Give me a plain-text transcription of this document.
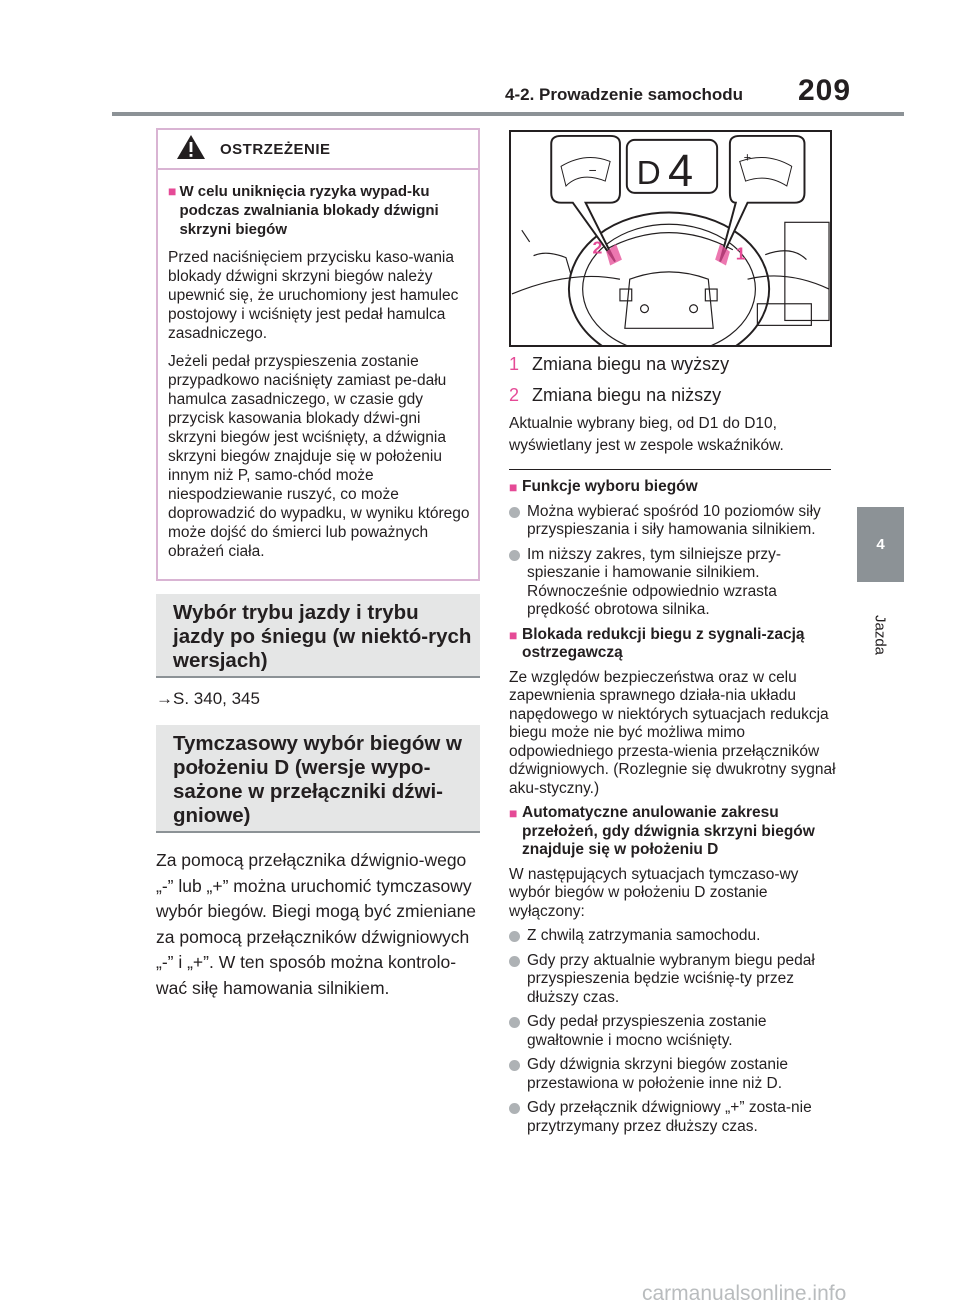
4-2. Prowadzenie samochodu 209
4
Jazda
OSTRZEŻENIE
■ W celu uniknięcia ryzyka wypad-ku podczas zwalniania blokady dźwigni skrzyni biegów

Przed naciśnięciem przycisku kaso-wania blokady dźwigni skrzyni biegów należy upewnić się, że uruchomiony jest hamulec postojowy i wciśnięty jest pedał hamulca zasadniczego.

Jeżeli pedał przyspieszenia zostanie przypadkowo naciśnięty zamiast pe-dału hamulca zasadniczego, w czasie gdy przycisk kasowania blokady dźwi-gni skrzyni biegów jest wciśnięty, a dźwignia skrzyni biegów znajduje się w położeniu innym niż P, samo-chód może niespodziewanie ruszyć, co może doprowadzić do wypadku, w wyniku którego może dojść do śmierci lub poważnych obrażeń ciała.

Wybór trybu jazdy i trybu jazdy po śniegu (w niektó-rych wersjach)
→S. 340, 345
Tymczasowy wybór biegów w położeniu D (wersje wypo-sażone w przełączniki dźwi-gniowe)

Za pomocą przełącznika dźwignio-wego „-” lub „+” można uruchomić tymczasowy wybór biegów. Biegi mogą być zmieniane za pomocą przełączników dźwigniowych „-” i „+”. W ten sposób można kontrolo-wać siłę hamowania silnikiem.

D 4
−
+
2	1
1 Zmiana biegu na wyższy
2 Zmiana biegu na niższy

Aktualnie wybrany bieg, od D1 do D10, wyświetlany jest w zespole wskaźników.

■ Funkcje wyboru biegów
Można wybierać spośród 10 poziomów siły przyspieszania i siły hamowania silnikiem.
Im niższy zakres, tym silniejsze przy-spieszanie i hamowanie silnikiem. Równocześnie odpowiednio wzrasta prędkość obrotowa silnika.
■ Blokada redukcji biegu z sygnali-zacją ostrzegawczą

Ze względów bezpieczeństwa oraz w celu zapewnienia sprawnego działa-nia układu napędowego w niektórych sytuacjach redukcja biegu może nie być możliwa mimo odpowiedniego przesta-wienia przełączników dźwigniowych. (Rozlegnie się dwukrotny sygnał aku-styczny.)

■ Automatyczne anulowanie zakresu przełożeń, gdy dźwignia skrzyni biegów znajduje się w położeniu D

W następujących sytuacjach tymczaso-wy wybór biegów w położeniu D zostanie wyłączony:

Z chwilą zatrzymania samochodu.
Gdy przy aktualnie wybranym biegu pedał przyspieszenia będzie wciśnię-ty przez dłuższy czas.
Gdy pedał przyspieszenia zostanie gwałtownie i mocno wciśnięty.
Gdy dźwignia skrzyni biegów zostanie przestawiona w położenie inne niż D.
Gdy przełącznik dźwigniowy „+” zosta-nie przytrzymany przez dłuższy czas.
carmanualsonline.info
